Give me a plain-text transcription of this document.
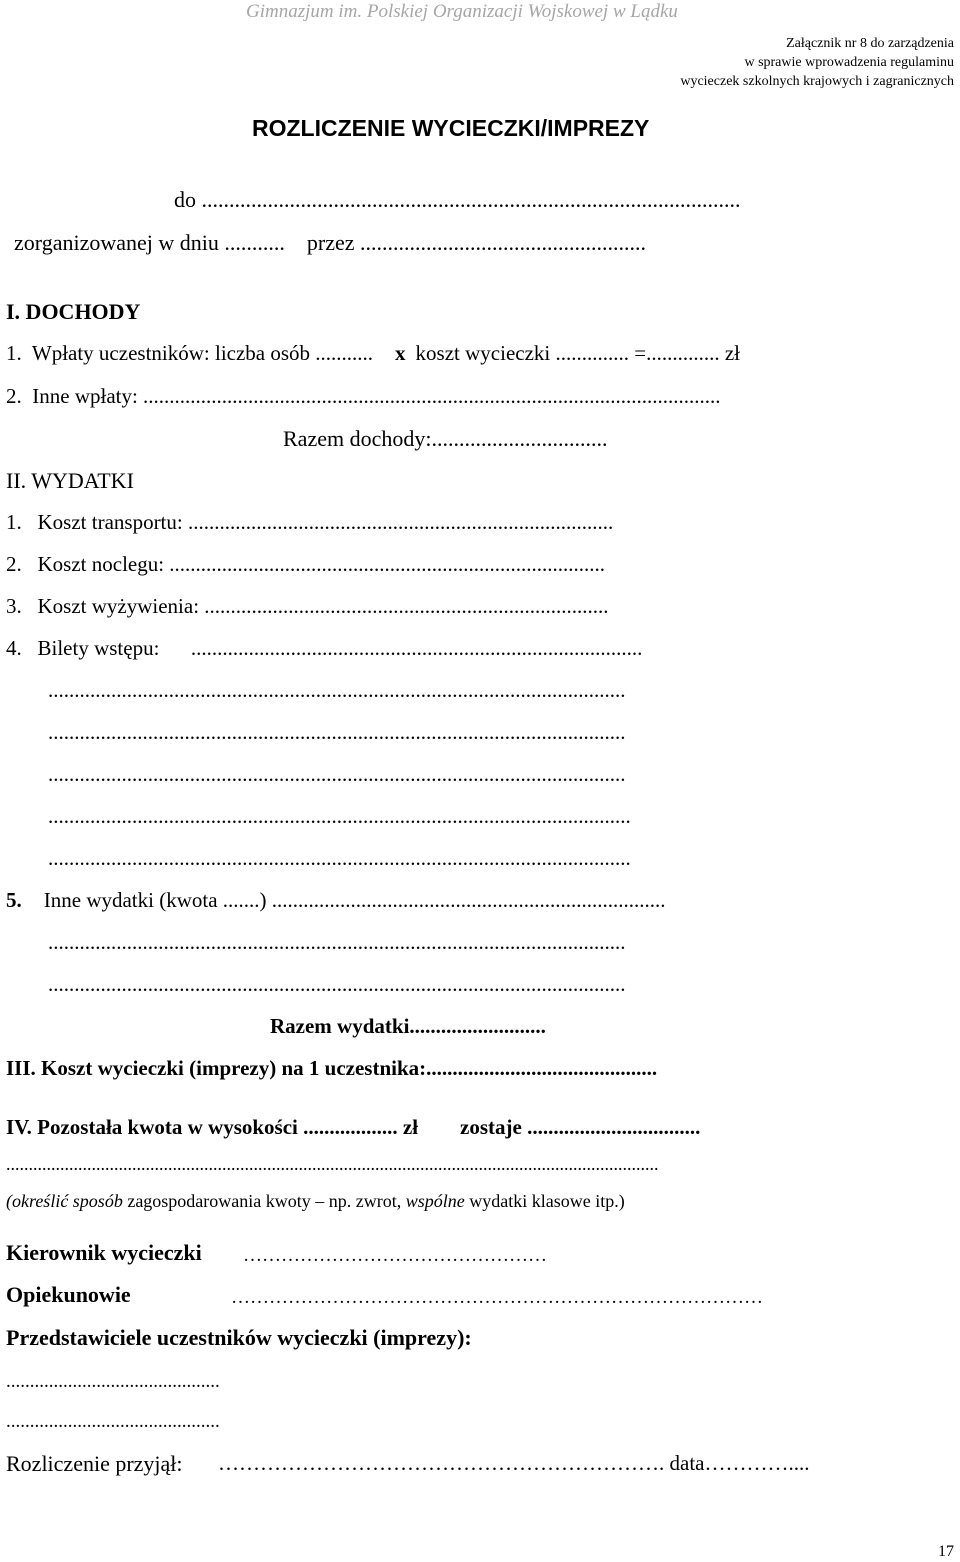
Gimnazjum im. Polskiej Organizacji Wojskowej w Lądku
Załącznik nr 8 do zarządzenia
w sprawie wprowadzenia regulaminu
wycieczek szkolnych krajowych i zagranicznych
ROZLICZENIE WYCIECZKI/IMPREZY
do ..................................................................................................
zorganizowanej w dniu ...........    przez ....................................................
I. DOCHODY
1.  Wpłaty uczestników: liczba osób ........... x koszt wycieczki .............. =.............. zł
2.  Inne wpłaty: ..............................................................................................................
Razem dochody:................................
II. WYDATKI
1.   Koszt transportu: .................................................................................
2.   Koszt noclegu: ...................................................................................
3.   Koszt wyżywienia: .............................................................................
4.   Bilety wstępu:      ......................................................................................
..............................................................................................................
..............................................................................................................
..............................................................................................................
...............................................................................................................
...............................................................................................................
5. Inne wydatki (kwota .......) ...........................................................................
..............................................................................................................
..............................................................................................................
Razem wydatki..........................
III. Koszt wycieczki (imprezy) na 1 uczestnika:............................................
IV. Pozostała kwota w wysokości .................. zł zostaje .................................
.................................................................................................................................................
(określić sposób zagospodarowania kwoty – np. zwrot, wspólne wydatki klasowe itp.)
Kierownik wycieczki …………………………………………
Opiekunowie	…………………………………………………………………………
Przedstawiciele uczestników wycieczki (imprezy):
.............................................
.............................................
Rozliczenie przyjął: ………………………………………………………. data…………....
17
